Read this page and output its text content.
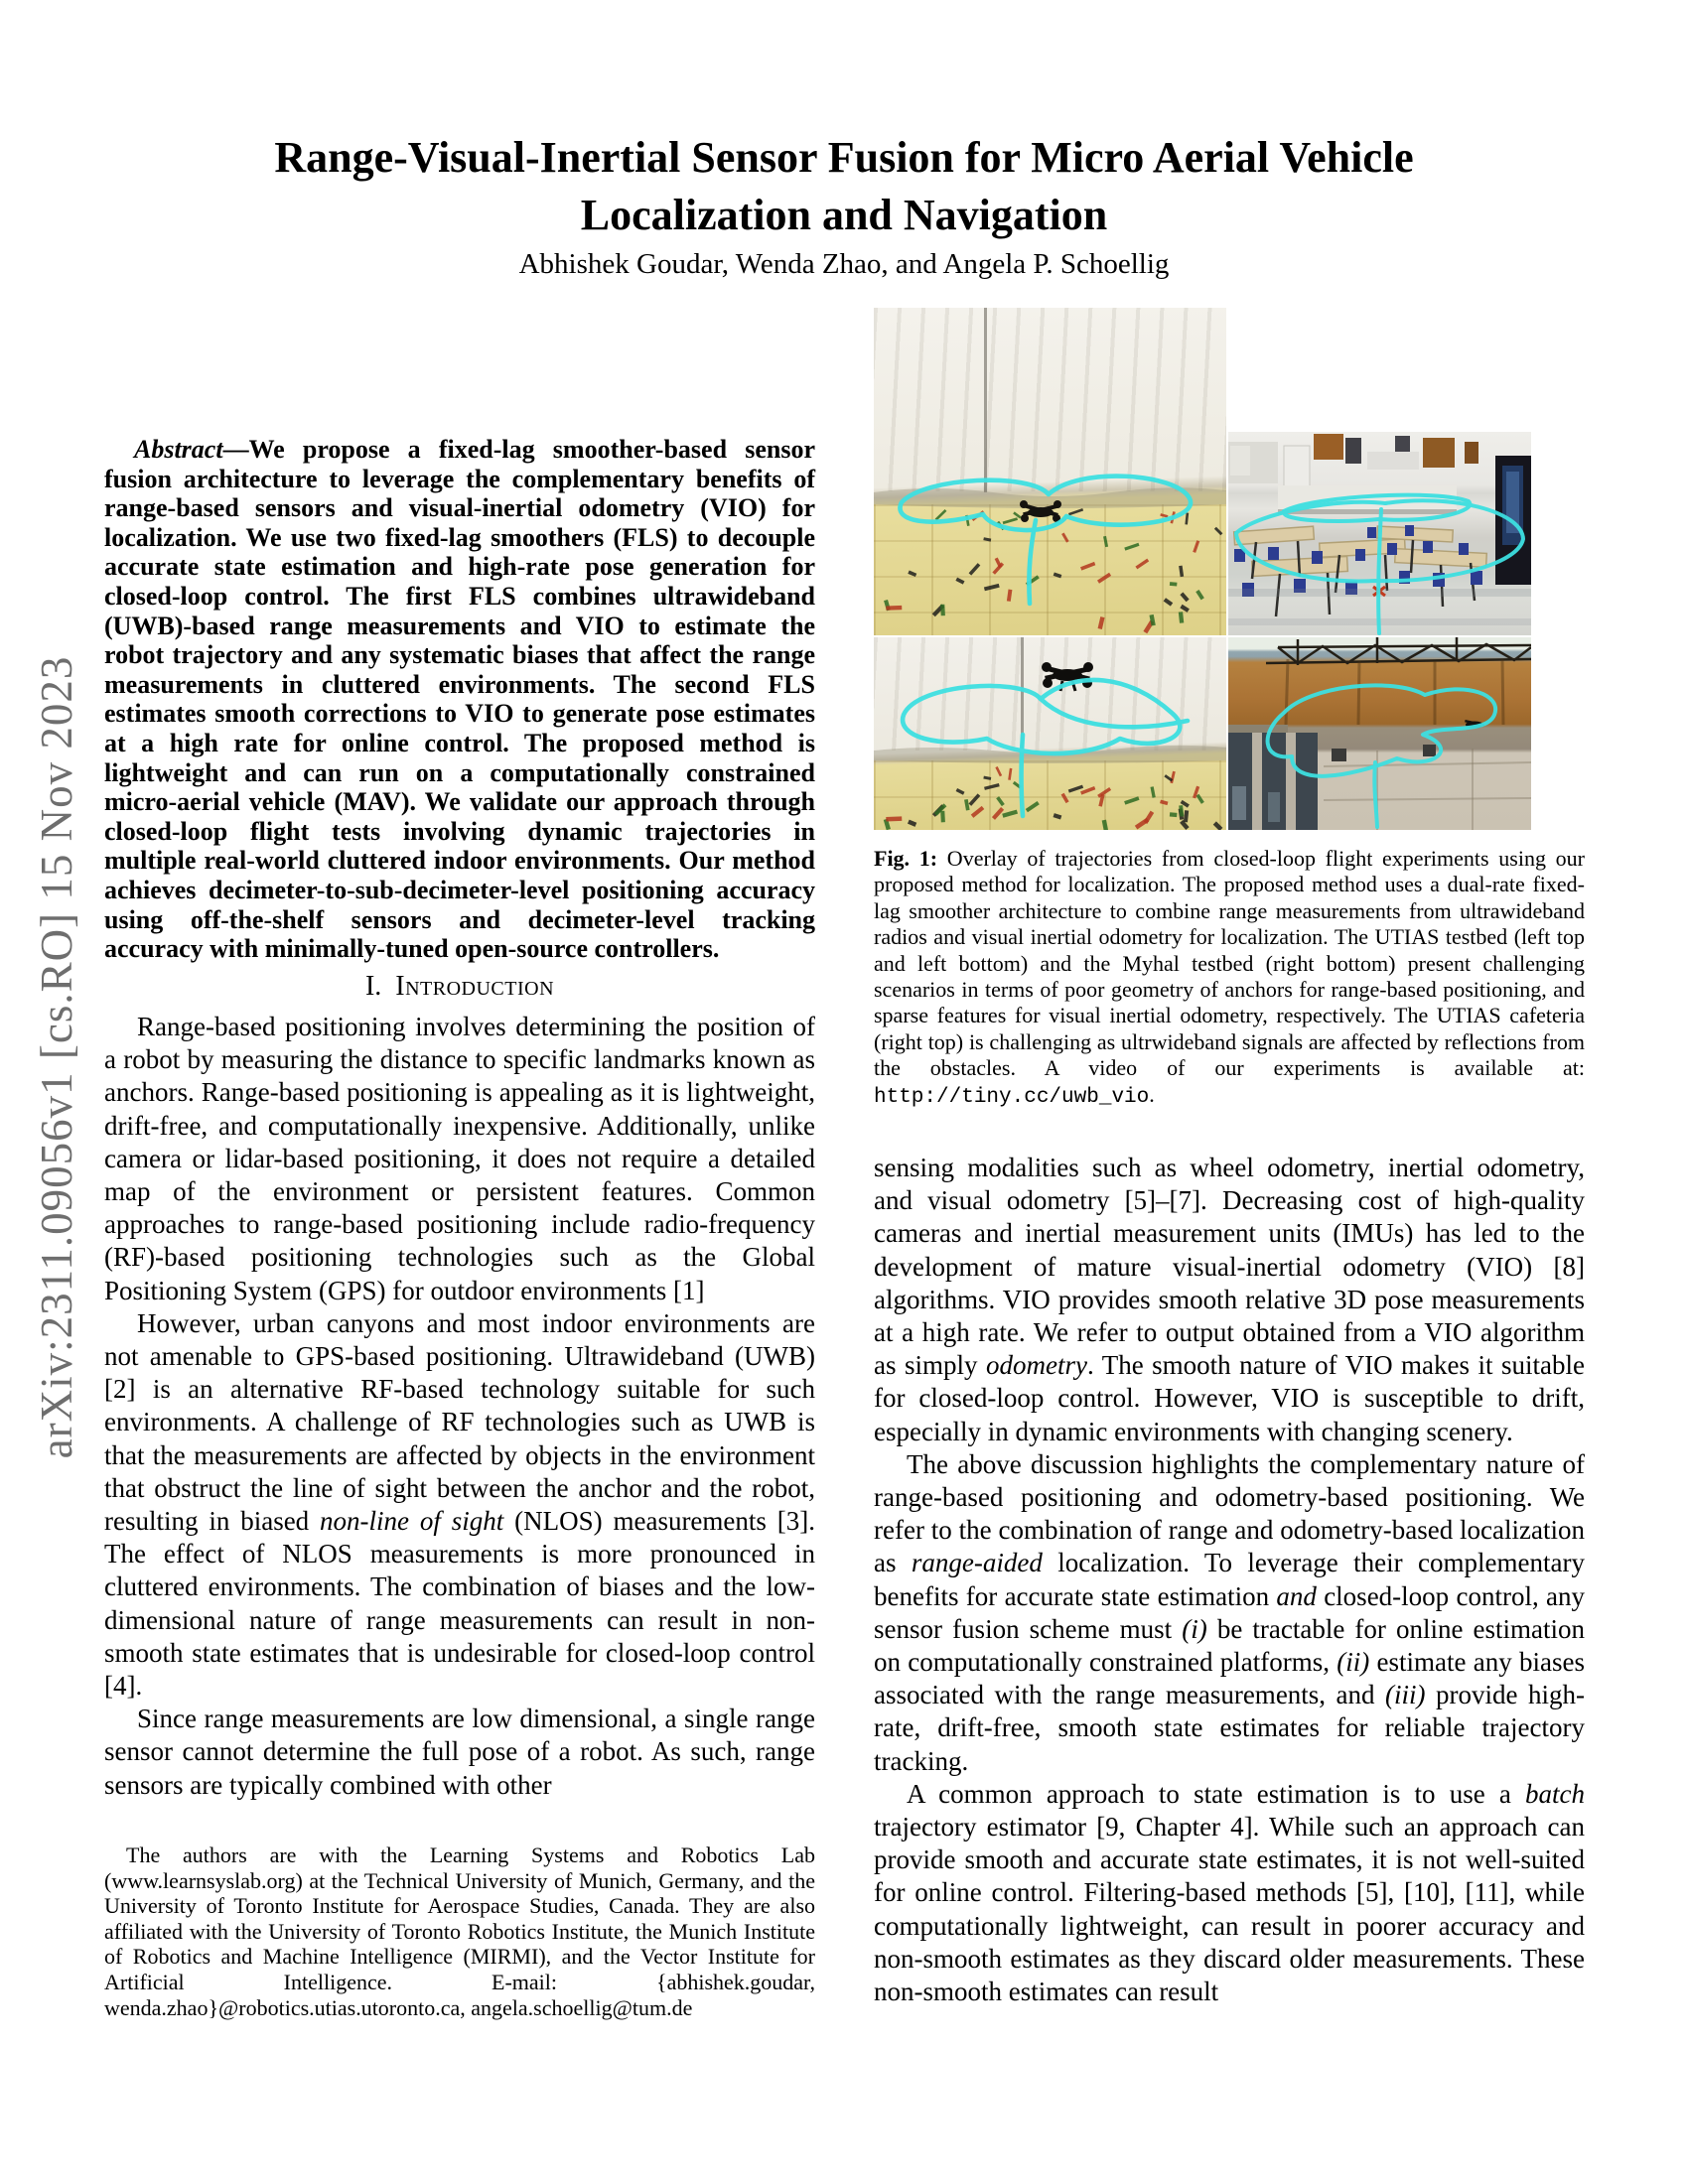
arXiv:2311.09056v1 [cs.RO] 15 Nov 2023
Range-Visual-Inertial Sensor Fusion for Micro Aerial Vehicle
Localization and Navigation
Abhishek Goudar, Wenda Zhao, and Angela P. Schoellig
Abstract—We propose a fixed-lag smoother-based sensor fusion architecture to leverage the complementary benefits of range-based sensors and visual-inertial odometry (VIO) for localization. We use two fixed-lag smoothers (FLS) to decouple accurate state estimation and high-rate pose generation for closed-loop control. The first FLS combines ultrawideband (UWB)-based range measurements and VIO to estimate the robot trajectory and any systematic biases that affect the range measurements in cluttered environments. The second FLS estimates smooth corrections to VIO to generate pose estimates at a high rate for online control. The proposed method is lightweight and can run on a computationally constrained micro-aerial vehicle (MAV). We validate our approach through closed-loop flight tests involving dynamic trajectories in multiple real-world cluttered indoor environments. Our method achieves decimeter-to-sub-decimeter-level positioning accuracy using off-the-shelf sensors and decimeter-level tracking accuracy with minimally-tuned open-source controllers.
I. Introduction

Range-based positioning involves determining the position of a robot by measuring the distance to specific landmarks known as anchors. Range-based positioning is appealing as it is lightweight, drift-free, and computationally inexpensive. Additionally, unlike camera or lidar-based positioning, it does not require a detailed map of the environment or persistent features. Common approaches to range-based positioning include radio-frequency (RF)-based positioning technologies such as the Global Positioning System (GPS) for outdoor environments [1]

However, urban canyons and most indoor environments are not amenable to GPS-based positioning. Ultrawideband (UWB) [2] is an alternative RF-based technology suitable for such environments. A challenge of RF technologies such as UWB is that the measurements are affected by objects in the environment that obstruct the line of sight between the anchor and the robot, resulting in biased non-line of sight (NLOS) measurements [3]. The effect of NLOS measurements is more pronounced in cluttered environments. The combination of biases and the low-dimensional nature of range measurements can result in non-smooth state estimates that is undesirable for closed-loop control [4].

Since range measurements are low dimensional, a single range sensor cannot determine the full pose of a robot. As such, range sensors are typically combined with other

The authors are with the Learning Systems and Robotics Lab (www.learnsyslab.org) at the Technical University of Munich, Germany, and the University of Toronto Institute for Aerospace Studies, Canada. They are also affiliated with the University of Toronto Robotics Institute, the Munich Institute of Robotics and Machine Intelligence (MIRMI), and the Vector Institute for Artificial Intelligence. E-mail: {abhishek.goudar, wenda.zhao}@robotics.utias.utoronto.ca, angela.schoellig@tum.de
Fig. 1: Overlay of trajectories from closed-loop flight experiments using our proposed method for localization. The proposed method uses a dual-rate fixed-lag smoother architecture to combine range measurements from ultrawideband radios and visual inertial odometry for localization. The UTIAS testbed (left top and left bottom) and the Myhal testbed (right bottom) present challenging scenarios in terms of poor geometry of anchors for range-based positioning, and sparse features for visual inertial odometry, respectively. The UTIAS cafeteria (right top) is challenging as ultrwideband signals are affected by reflections from the obstacles. A video of our experiments is available at: http://tiny.cc/uwb_vio.

sensing modalities such as wheel odometry, inertial odometry, and visual odometry [5]–[7]. Decreasing cost of high-quality cameras and inertial measurement units (IMUs) has led to the development of mature visual-inertial odometry (VIO) [8] algorithms. VIO provides smooth relative 3D pose measurements at a high rate. We refer to output obtained from a VIO algorithm as simply odometry. The smooth nature of VIO makes it suitable for closed-loop control. However, VIO is susceptible to drift, especially in dynamic environments with changing scenery.

The above discussion highlights the complementary nature of range-based positioning and odometry-based positioning. We refer to the combination of range and odometry-based localization as range-aided localization. To leverage their complementary benefits for accurate state estimation and closed-loop control, any sensor fusion scheme must (i) be tractable for online estimation on computationally constrained platforms, (ii) estimate any biases associated with the range measurements, and (iii) provide high-rate, drift-free, smooth state estimates for reliable trajectory tracking.

A common approach to state estimation is to use a batch trajectory estimator [9, Chapter 4]. While such an approach can provide smooth and accurate state estimates, it is not well-suited for online control. Filtering-based methods [5], [10], [11], while computationally lightweight, can result in poorer accuracy and non-smooth estimates as they discard older measurements. These non-smooth estimates can result
